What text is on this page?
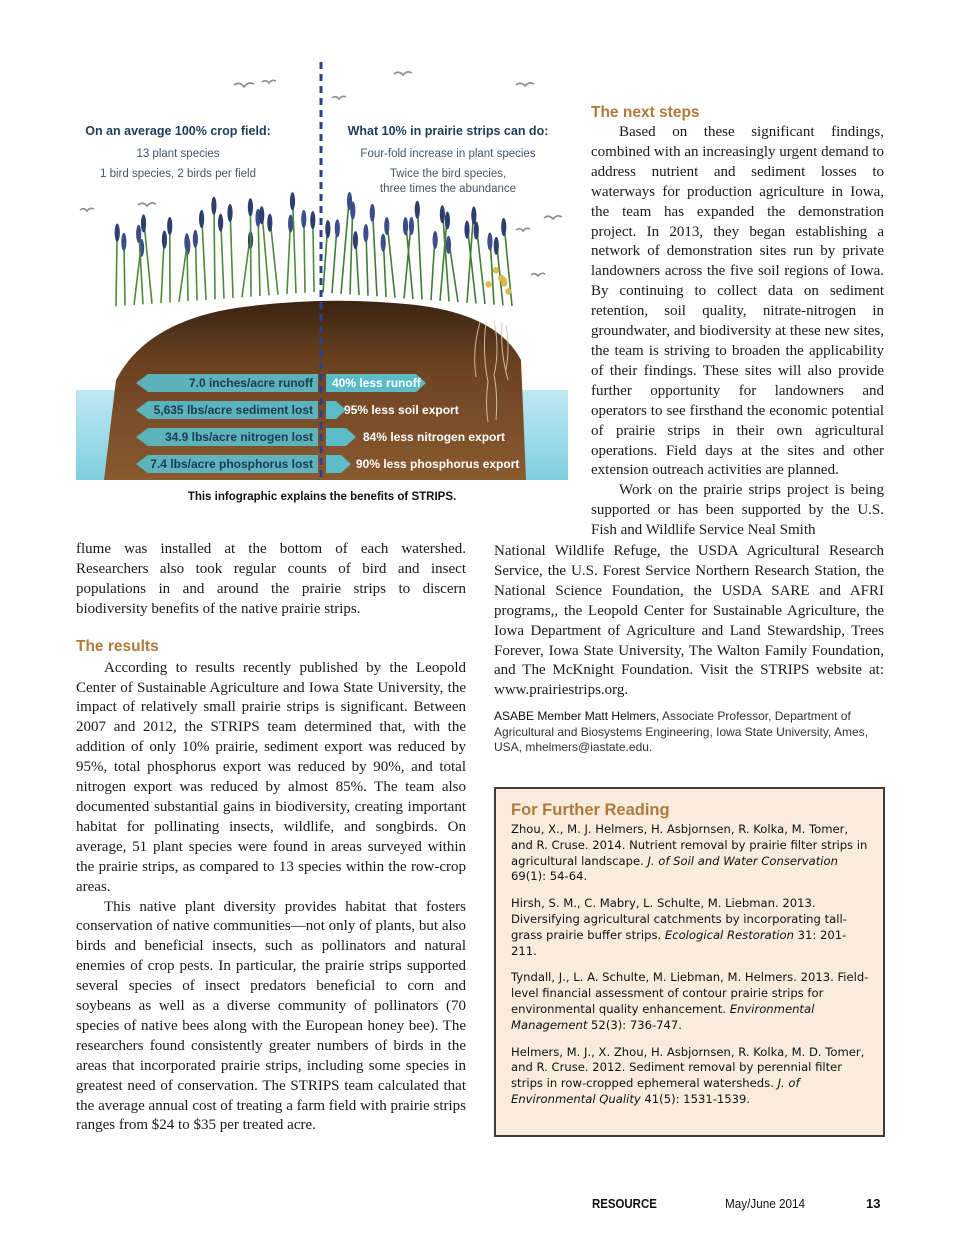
On an average 100% crop field:
13 plant species
1 bird species, 2 birds per field
What 10% in prairie strips can do:
Four-fold increase in plant species
Twice the bird species,
three times the abundance
7.0 inches/acre runoff
5,635 lbs/acre sediment lost
34.9 lbs/acre nitrogen lost
7.4 lbs/acre phosphorus lost
40% less runoff
95% less soil export
84% less nitrogen export
90% less phosphorus export
This infographic explains the benefits of STRIPS.

flume was installed at the bottom of each watershed. Researchers also took regular counts of bird and insect populations in and around the prairie strips to discern biodiversity benefits of the native prairie strips.

The results

According to results recently published by the Leopold Center of Sustainable Agriculture and Iowa State University, the impact of relatively small prairie strips is significant. Between 2007 and 2012, the STRIPS team determined that, with the addition of only 10% prairie, sediment export was reduced by 95%, total phosphorus export was reduced by 90%, and total nitrogen export was reduced by almost 85%. The team also documented substantial gains in biodiversity, creating important habitat for pollinating insects, wildlife, and songbirds. On average, 51 plant species were found in areas surveyed within the prairie strips, as compared to 13 species within the row-crop areas.

This native plant diversity provides habitat that fosters conservation of native communities—not only of plants, but also birds and beneficial insects, such as pollinators and natural enemies of crop pests. In particular, the prairie strips supported several species of insect predators beneficial to corn and soybeans as well as a diverse community of pollinators (70 species of native bees along with the European honey bee). The researchers found consistently greater numbers of birds in the areas that incorporated prairie strips, including some species in greatest need of conservation. The STRIPS team calculated that the average annual cost of treating a farm field with prairie strips ranges from $24 to $35 per treated acre.

The next steps

Based on these significant findings, combined with an increasingly urgent demand to address nutrient and sediment losses to waterways for production agriculture in Iowa, the team has expanded the demonstration project. In 2013, they began establishing a network of demonstration sites run by private landowners across the five soil regions of Iowa. By continuing to collect data on sediment retention, soil quality, nitrate-nitrogen in groundwater, and biodiversity at these new sites, the team is striving to broaden the applicability of their findings. These sites will also provide further opportunity for landowners and operators to see firsthand the economic potential of prairie strips in their own agricultural operations. Field days at the sites and other extension outreach activities are planned.

Work on the prairie strips project is being supported or has been supported by the U.S. Fish and Wildlife Service Neal Smith

National Wildlife Refuge, the USDA Agricultural Research Service, the U.S. Forest Service Northern Research Station, the National Science Foundation, the USDA SARE and AFRI programs,, the Leopold Center for Sustainable Agriculture, the Iowa Department of Agriculture and Land Stewardship, Trees Forever, Iowa State University, The Walton Family Foundation, and The McKnight Foundation. Visit the STRIPS website at: www.prairiestrips.org.

ASABE Member Matt Helmers, Associate Professor, Department of Agricultural and Biosystems Engineering, Iowa State University, Ames, USA, mhelmers@iastate.edu.

For Further Reading

Zhou, X., M. J. Helmers, H. Asbjornsen, R. Kolka, M. Tomer, and R. Cruse. 2014. Nutrient removal by prairie filter strips in agricultural landscape. J. of Soil and Water Conservation 69(1): 54-64.

Hirsh, S. M., C. Mabry, L. Schulte, M. Liebman. 2013. Diversifying agricultural catchments by incorporating tall-grass prairie buffer strips. Ecological Restoration 31: 201-211.

Tyndall, J., L. A. Schulte, M. Liebman, M. Helmers. 2013. Field-level financial assessment of contour prairie strips for environmental quality enhancement. Environmental Management 52(3): 736-747.

Helmers, M. J., X. Zhou, H. Asbjornsen, R. Kolka, M. D. Tomer, and R. Cruse. 2012. Sediment removal by perennial filter strips in row-cropped ephemeral watersheds. J. of Environmental Quality 41(5): 1531-1539.

RESOURCE	May/June 2014	13
